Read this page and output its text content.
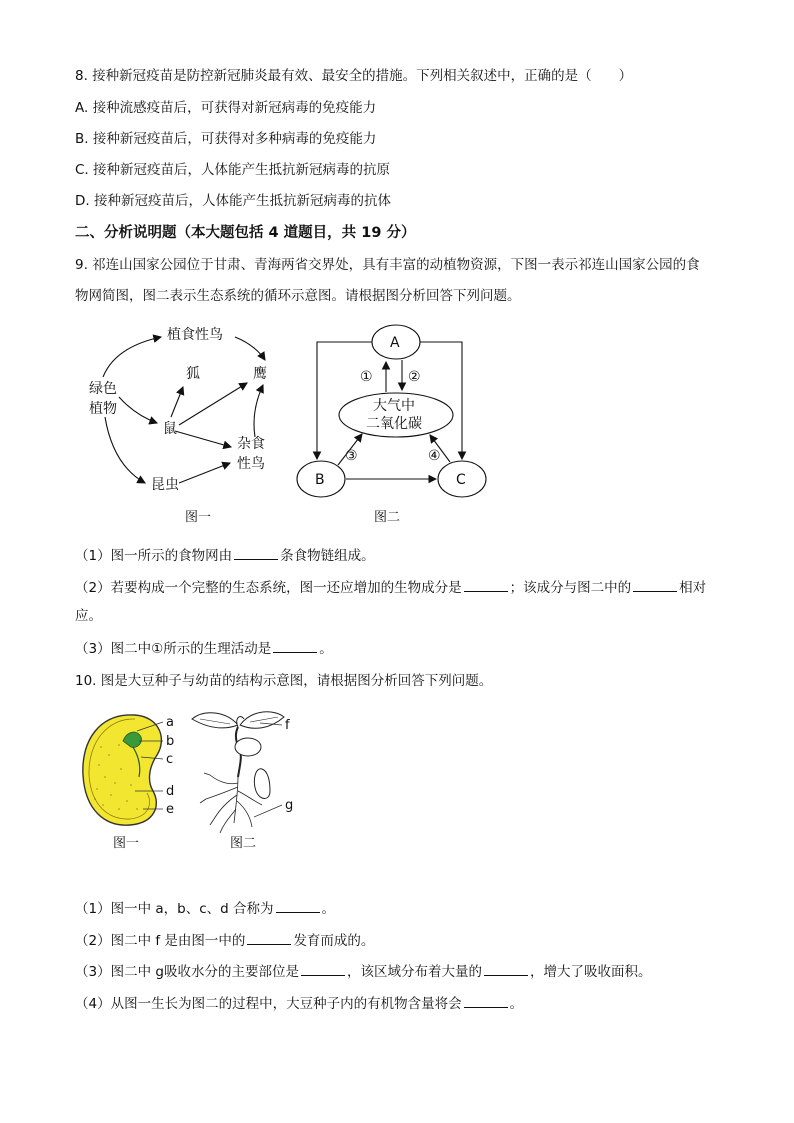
8. 接种新冠疫苗是防控新冠肺炎最有效、最安全的措施。下列相关叙述中，正确的是（　　）
A. 接种流感疫苗后，可获得对新冠病毒的免疫能力
B. 接种新冠疫苗后，可获得对多种病毒的免疫能力
C. 接种新冠疫苗后，人体能产生抵抗新冠病毒的抗原
D. 接种新冠疫苗后，人体能产生抵抗新冠病毒的抗体
二、分析说明题（本大题包括 4 道题目，共 19 分）
9. 祁连山国家公园位于甘肃、青海两省交界处，具有丰富的动植物资源，下图一表示祁连山国家公园的食
物网简图，图二表示生态系统的循环示意图。请根据图分析回答下列问题。
绿色
植物
植食性鸟
狐	鹰
鼠
杂食
性鸟
昆虫
图一
A
大气中
二氧化碳
B	C
①	②
③	④
图二
（1）图一所示的食物网由	条食物链组成。
（2）若要构成一个完整的生态系统，图一还应增加的生物成分是	；该成分与图二中的	相对
应。
（3）图二中①所示的生理活动是	。
10. 图是大豆种子与幼苗的结构示意图，请根据图分析回答下列问题。
a
b
c
d
e
图一
f
g
图二
（1）图一中 a，b、c、d 合称为	。
（2）图二中 f 是由图一中的	发育而成的。
（3）图二中 g吸收水分的主要部位是	，该区域分布着大量的	，增大了吸收面积。
（4）从图一生长为图二的过程中，大豆种子内的有机物含量将会	。
